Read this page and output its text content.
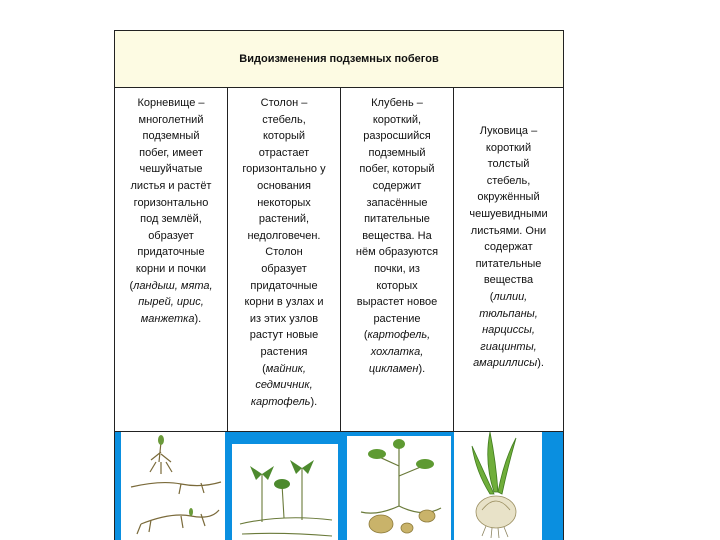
Видоизменения подземных побегов
Корневище –
многолетний
подземный
побег, имеет
чешуйчатые
листья и растёт
горизонтально
под землёй,
образует
придаточные
корни и почки
(ландыш, мята,
пырей, ирис,
манжетка).
Столон –
стебель,
который
отрастает
горизонтально у
основания
некоторых
растений,
недолговечен.
Столон
образует
придаточные
корни в узлах и
из этих узлов
растут новые
растения
(майник,
седмичник,
картофель).
Клубень –
короткий,
разросшийся
подземный
побег, который
содержит
запасённые
питательные
вещества. На
нём образуются
почки, из
которых
вырастет новое
растение
(картофель,
хохлатка,
цикламен).
Луковица –
короткий
толстый
стебель,
окружённый
чешуевидными
листьями. Они
содержат
питательные
вещества
(лилии,
тюльпаны,
нарциссы,
гиацинты,
амариллисы).
